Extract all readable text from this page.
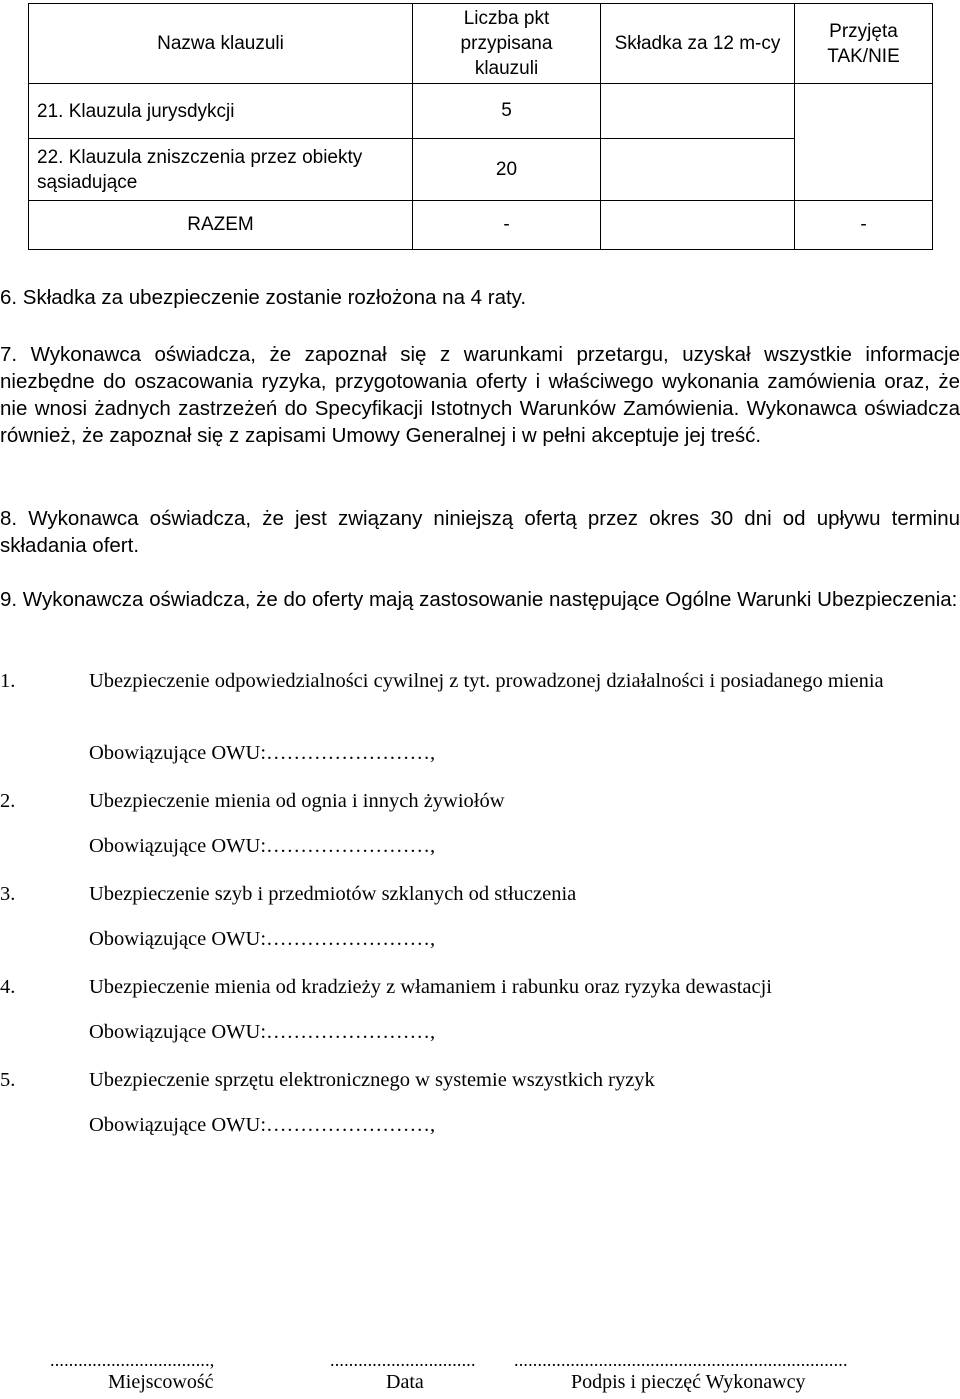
Nazwa klauzuli	Liczba pkt przypisana klauzuli	Składka za 12 m-cy	Przyjęta TAK/NIE
21. Klauzula jurysdykcji	5		
22. Klauzula zniszczenia przez obiekty sąsiadujące	20		
RAZEM	-		-
6. Składka za ubezpieczenie zostanie rozłożona na 4 raty.
7. Wykonawca oświadcza, że zapoznał się z warunkami przetargu, uzyskał wszystkie informacje niezbędne do oszacowania ryzyka, przygotowania oferty i właściwego wykonania zamówienia oraz, że nie wnosi żadnych zastrzeżeń do Specyfikacji Istotnych Warunków Zamówienia. Wykonawca oświadcza również, że zapoznał się z zapisami Umowy Generalnej i w pełni akceptuje jej treść.
8. Wykonawca oświadcza, że jest związany niniejszą ofertą przez okres 30 dni od upływu terminu składania ofert.
9. Wykonawcza oświadcza, że do oferty mają zastosowanie następujące Ogólne Warunki Ubezpieczenia:
1.	Ubezpieczenie odpowiedzialności cywilnej z tyt. prowadzonej działalności i posiadanego mienia
Obowiązujące OWU:……………………,
2.	Ubezpieczenie mienia od ognia i innych żywiołów
Obowiązujące OWU:……………………,
3.	Ubezpieczenie szyb i przedmiotów szklanych od stłuczenia
Obowiązujące OWU:……………………,
4.	Ubezpieczenie mienia od kradzieży z włamaniem i rabunku oraz ryzyka dewastacji
Obowiązujące OWU:……………………,
5.	Ubezpieczenie sprzętu elektronicznego w systemie wszystkich ryzyk
Obowiązujące OWU:……………………,
..................................,	............................... .......................................................................
Miejscowość	Data	Podpis i pieczęć Wykonawcy
